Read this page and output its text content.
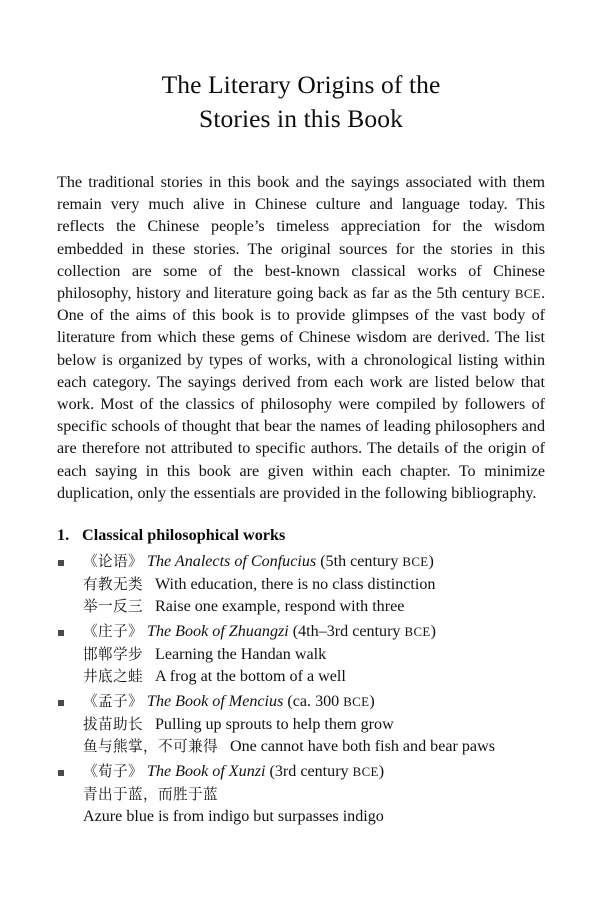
The Literary Origins of the
Stories in this Book

The traditional stories in this book and the sayings associated with them remain very much alive in Chinese culture and language today. This reflects the Chinese people’s timeless appreciation for the wisdom embedded in these stories. The original sources for the stories in this collection are some of the best-known classical works of Chinese philosophy, history and literature going back as far as the 5th century BCE. One of the aims of this book is to provide glimpses of the vast body of literature from which these gems of Chinese wisdom are derived. The list below is organized by types of works, with a chronological listing within each category. The sayings derived from each work are listed below that work. Most of the classics of philosophy were compiled by followers of specific schools of thought that bear the names of leading philosophers and are therefore not attributed to specific authors. The details of the origin of each saying in this book are given within each chapter. To minimize duplication, only the essentials are provided in the following bibliography.

1. Classical philosophical works
《论语》 The Analects of Confucius (5th century BCE)
有教无类 With education, there is no class distinction
举一反三 Raise one example, respond with three
《庄子》 The Book of Zhuangzi (4th–3rd century BCE)
邯郸学步 Learning the Handan walk
井底之蛙 A frog at the bottom of a well
《孟子》 The Book of Mencius (ca. 300 BCE)
拔苗助长 Pulling up sprouts to help them grow
鱼与熊掌，不可兼得 One cannot have both fish and bear paws
《荀子》 The Book of Xunzi (3rd century BCE)
青出于蓝，而胜于蓝
Azure blue is from indigo but surpasses indigo
